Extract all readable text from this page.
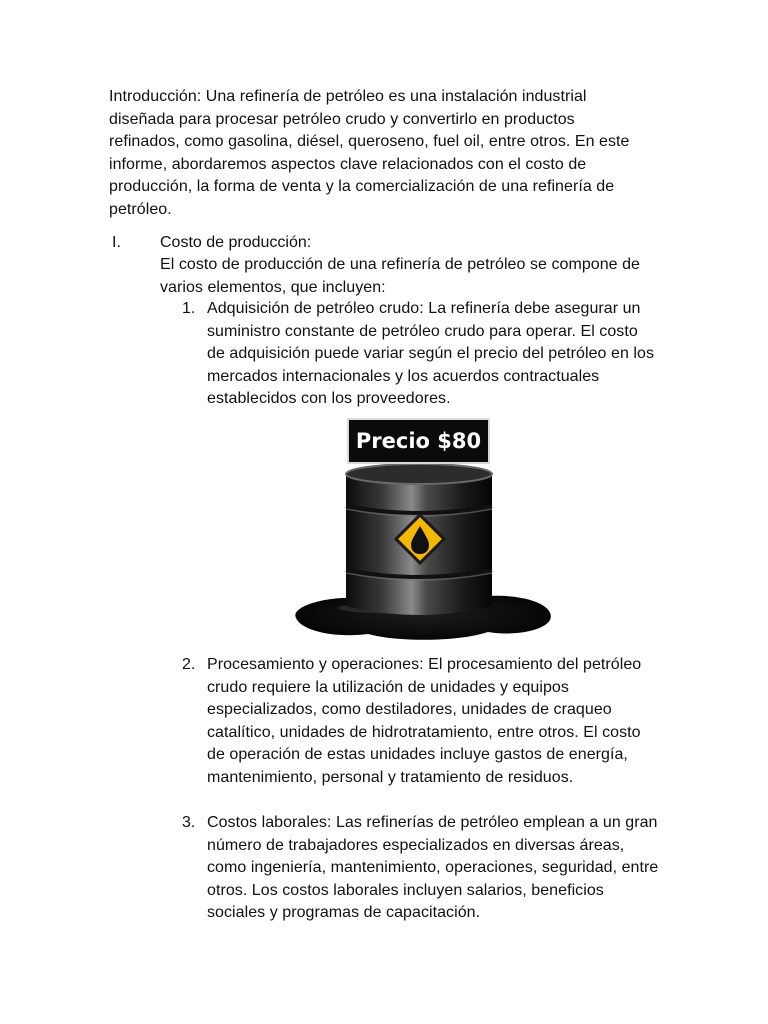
Introducción: Una refinería de petróleo es una instalación industrial diseñada para procesar petróleo crudo y convertirlo en productos refinados, como gasolina, diésel, queroseno, fuel oil, entre otros. En este informe, abordaremos aspectos clave relacionados con el costo de producción, la forma de venta y la comercialización de una refinería de petróleo.

I. Costo de producción:

El costo de producción de una refinería de petróleo se compone de varios elementos, que incluyen:

1. Adquisición de petróleo crudo: La refinería debe asegurar un suministro constante de petróleo crudo para operar. El costo de adquisición puede variar según el precio del petróleo en los mercados internacionales y los acuerdos contractuales establecidos con los proveedores.

Precio $80
2. Procesamiento y operaciones: El procesamiento del petróleo crudo requiere la utilización de unidades y equipos especializados, como destiladores, unidades de craqueo catalítico, unidades de hidrotratamiento, entre otros. El costo de operación de estas unidades incluye gastos de energía, mantenimiento, personal y tratamiento de residuos.

3. Costos laborales: Las refinerías de petróleo emplean a un gran número de trabajadores especializados en diversas áreas, como ingeniería, mantenimiento, operaciones, seguridad, entre otros. Los costos laborales incluyen salarios, beneficios sociales y programas de capacitación.
